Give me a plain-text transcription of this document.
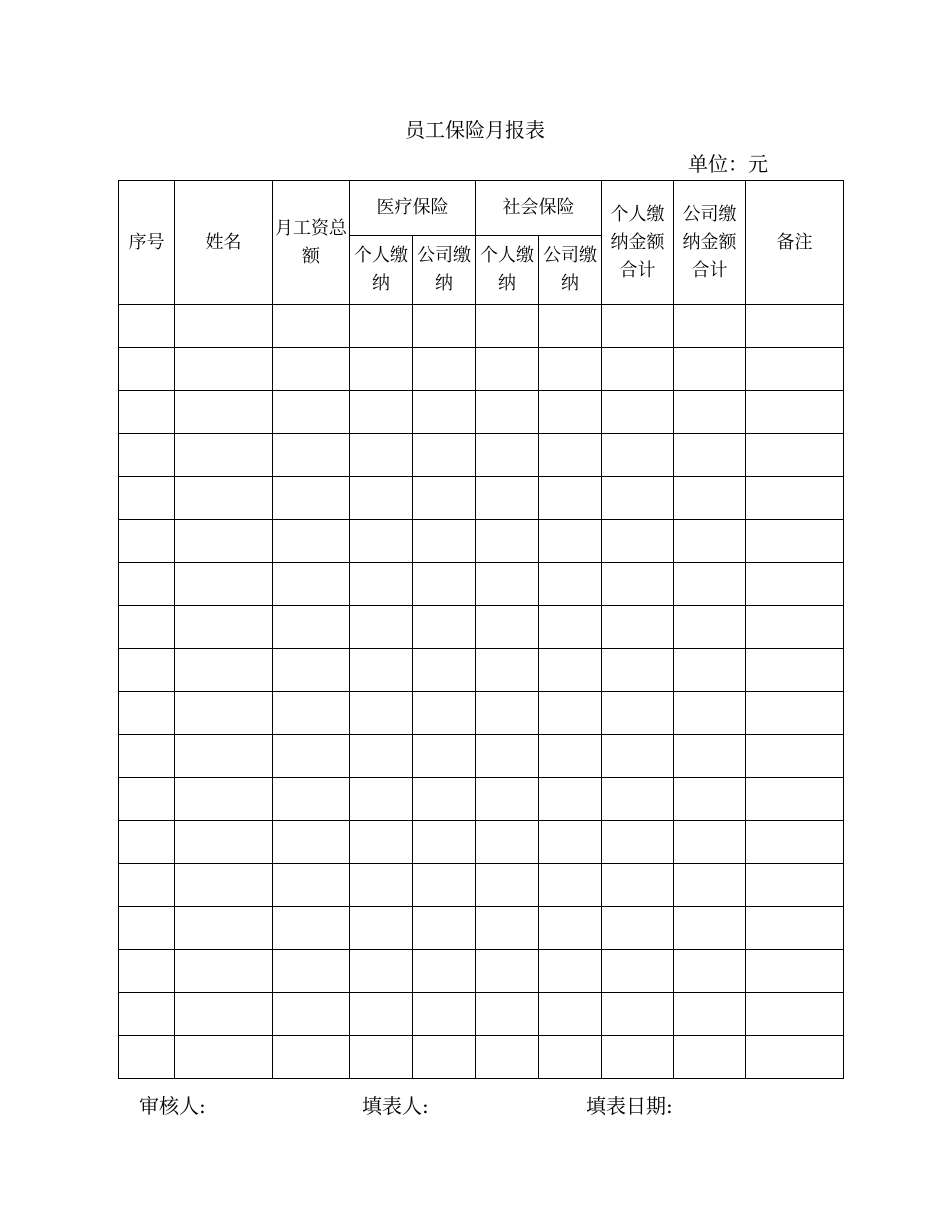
员工保险月报表
单位：元
序号	姓名	月工资总额	医疗保险		社会保险		个人缴纳金额合计	公司缴纳金额合计	备注
			个人缴纳	公司缴纳	个人缴纳	公司缴纳			

审核人:	填表人:	填表日期:
